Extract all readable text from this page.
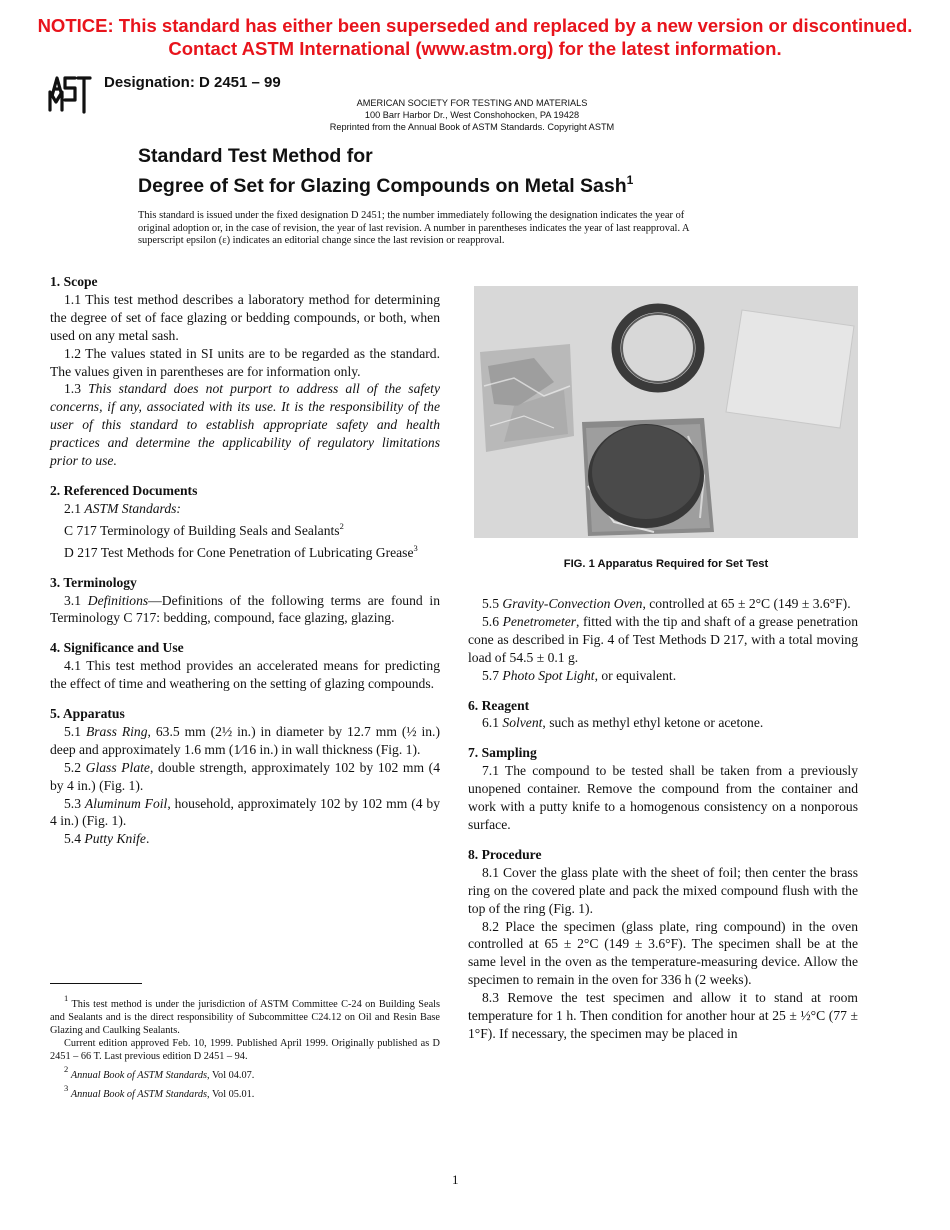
NOTICE: This standard has either been superseded and replaced by a new version or discontinued.
Contact ASTM International (www.astm.org) for the latest information.
Designation: D 2451 – 99
AMERICAN SOCIETY FOR TESTING AND MATERIALS
100 Barr Harbor Dr., West Conshohocken, PA 19428
Reprinted from the Annual Book of ASTM Standards. Copyright ASTM
Standard Test Method for
Degree of Set for Glazing Compounds on Metal Sash$^1$
This standard is issued under the fixed designation D 2451; the number immediately following the designation indicates the year of
original adoption or, in the case of revision, the year of last revision. A number in parentheses indicates the year of last reapproval. A
superscript epsilon (ε) indicates an editorial change since the last revision or reapproval.

1. Scope

1.1 This test method describes a laboratory method for determining the degree of set of face glazing or bedding compounds, or both, when used on any metal sash.

1.2 The values stated in SI units are to be regarded as the standard. The values given in parentheses are for information only.

1.3 This standard does not purport to address all of the safety concerns, if any, associated with its use. It is the responsibility of the user of this standard to establish appropriate safety and health practices and determine the applicability of regulatory limitations prior to use.

2. Referenced Documents

2.1 ASTM Standards:

C 717 Terminology of Building Seals and Sealants$^2$

D 217 Test Methods for Cone Penetration of Lubricating Grease$^3$

3. Terminology

3.1 Definitions—Definitions of the following terms are found in Terminology C 717: bedding, compound, face glazing, glazing.

4. Significance and Use

4.1 This test method provides an accelerated means for predicting the effect of time and weathering on the setting of glazing compounds.

5. Apparatus

5.1 Brass Ring, 63.5 mm (2½ in.) in diameter by 12.7 mm (½ in.) deep and approximately 1.6 mm (1⁄16 in.) in wall thickness (Fig. 1).

5.2 Glass Plate, double strength, approximately 102 by 102 mm (4 by 4 in.) (Fig. 1).

5.3 Aluminum Foil, household, approximately 102 by 102 mm (4 by 4 in.) (Fig. 1).

5.4 Putty Knife.

$^1$ This test method is under the jurisdiction of ASTM Committee C-24 on Building Seals and Sealants and is the direct responsibility of Subcommittee C24.12 on Oil and Resin Base Glazing and Caulking Sealants.

Current edition approved Feb. 10, 1999. Published April 1999. Originally published as D 2451 – 66 T. Last previous edition D 2451 – 94.

$^2$ Annual Book of ASTM Standards, Vol 04.07.

$^3$ Annual Book of ASTM Standards, Vol 05.01.

FIG. 1 Apparatus Required for Set Test

5.5 Gravity-Convection Oven, controlled at 65 ± 2°C (149 ± 3.6°F).

5.6 Penetrometer, fitted with the tip and shaft of a grease penetration cone as described in Fig. 4 of Test Methods D 217, with a total moving load of 54.5 ± 0.1 g.

5.7 Photo Spot Light, or equivalent.

6. Reagent

6.1 Solvent, such as methyl ethyl ketone or acetone.

7. Sampling

7.1 The compound to be tested shall be taken from a previously unopened container. Remove the compound from the container and work with a putty knife to a homogenous consistency on a nonporous surface.

8. Procedure

8.1 Cover the glass plate with the sheet of foil; then center the brass ring on the covered plate and pack the mixed compound flush with the top of the ring (Fig. 1).

8.2 Place the specimen (glass plate, ring compound) in the oven controlled at 65 ± 2°C (149 ± 3.6°F). The specimen shall be at the same level in the oven as the temperature-measuring device. Allow the specimen to remain in the oven for 336 h (2 weeks).

8.3 Remove the test specimen and allow it to stand at room temperature for 1 h. Then condition for another hour at 25 ± ½°C (77 ± 1°F). If necessary, the specimen may be placed in

1
